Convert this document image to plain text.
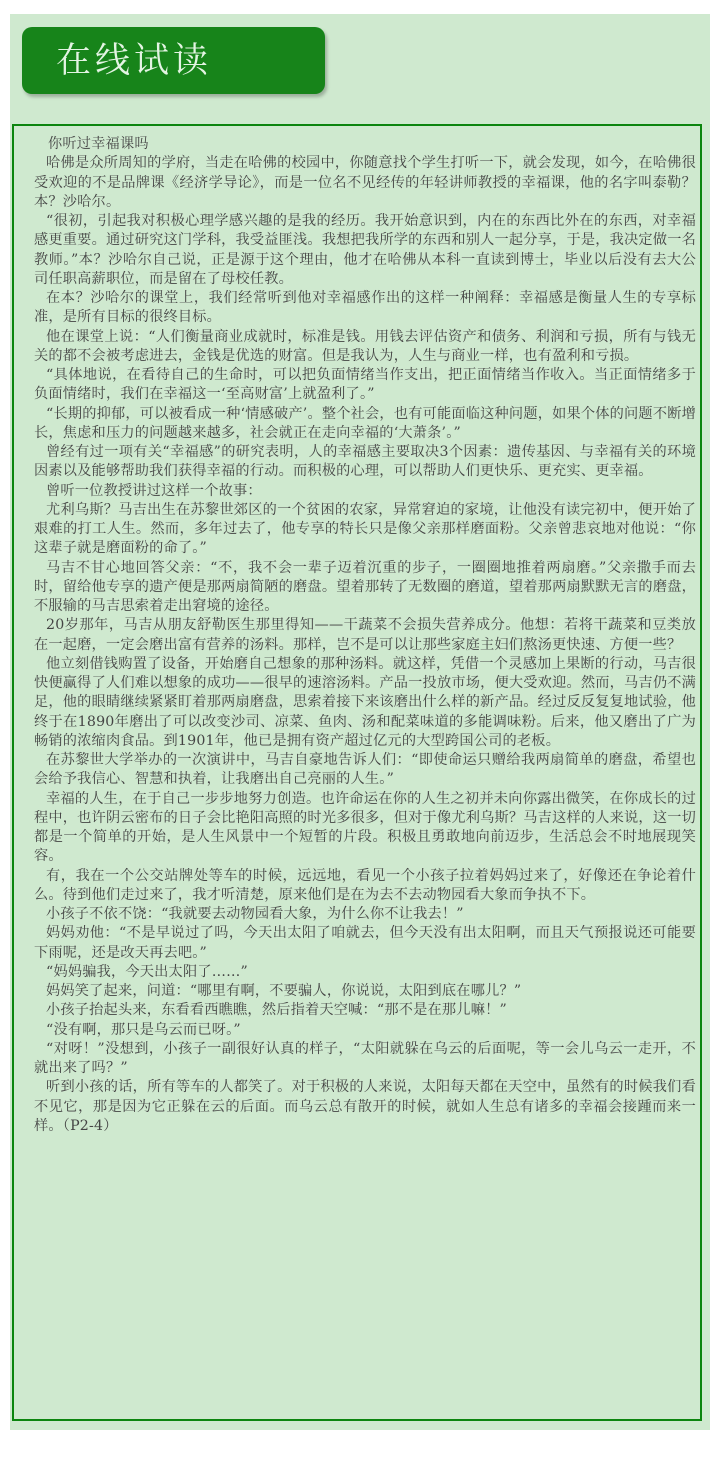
在线试读

你听过幸福课吗

哈佛是众所周知的学府，当走在哈佛的校园中，你随意找个学生打听一下，就会发现，如今，在哈佛很受欢迎的不是品牌课《经济学导论》，而是一位名不见经传的年轻讲师教授的幸福课，他的名字叫泰勒？本？沙哈尔。

“很初，引起我对积极心理学感兴趣的是我的经历。我开始意识到，内在的东西比外在的东西，对幸福感更重要。通过研究这门学科，我受益匪浅。我想把我所学的东西和别人一起分享，于是，我决定做一名教师。”本？沙哈尔自己说，正是源于这个理由，他才在哈佛从本科一直读到博士，毕业以后没有去大公司任职高薪职位，而是留在了母校任教。

在本？沙哈尔的课堂上，我们经常听到他对幸福感作出的这样一种阐释：幸福感是衡量人生的专享标准，是所有目标的很终目标。

他在课堂上说：“人们衡量商业成就时，标准是钱。用钱去评估资产和债务、利润和亏损，所有与钱无关的都不会被考虑进去，金钱是优选的财富。但是我认为，人生与商业一样，也有盈利和亏损。

“具体地说，在看待自己的生命时，可以把负面情绪当作支出，把正面情绪当作收入。当正面情绪多于负面情绪时，我们在幸福这一‘至高财富’上就盈利了。”

“长期的抑郁，可以被看成一种‘情感破产’。整个社会，也有可能面临这种问题，如果个体的问题不断增长，焦虑和压力的问题越来越多，社会就正在走向幸福的‘大萧条’。”

曾经有过一项有关“幸福感”的研究表明，人的幸福感主要取决3个因素：遗传基因、与幸福有关的环境因素以及能够帮助我们获得幸福的行动。而积极的心理，可以帮助人们更快乐、更充实、更幸福。

曾听一位教授讲过这样一个故事：

尤利乌斯？马吉出生在苏黎世郊区的一个贫困的农家，异常窘迫的家境，让他没有读完初中，便开始了艰难的打工人生。然而，多年过去了，他专享的特长只是像父亲那样磨面粉。父亲曾悲哀地对他说：“你这辈子就是磨面粉的命了。”

马吉不甘心地回答父亲：“不，我不会一辈子迈着沉重的步子，一圈圈地推着两扇磨。”父亲撒手而去时，留给他专享的遗产便是那两扇简陋的磨盘。望着那转了无数圈的磨道，望着那两扇默默无言的磨盘，不服输的马吉思索着走出窘境的途径。

20岁那年，马吉从朋友舒勒医生那里得知——干蔬菜不会损失营养成分。他想：若将干蔬菜和豆类放在一起磨，一定会磨出富有营养的汤料。那样，岂不是可以让那些家庭主妇们熬汤更快速、方便一些？

他立刻借钱购置了设备，开始磨自己想象的那种汤料。就这样，凭借一个灵感加上果断的行动，马吉很快便赢得了人们难以想象的成功——很早的速溶汤料。产品一投放市场，便大受欢迎。然而，马吉仍不满足，他的眼睛继续紧紧盯着那两扇磨盘，思索着接下来该磨出什么样的新产品。经过反反复复地试验，他终于在1890年磨出了可以改变沙司、凉菜、鱼肉、汤和配菜味道的多能调味粉。后来，他又磨出了广为畅销的浓缩肉食品。到1901年，他已是拥有资产超过亿元的大型跨国公司的老板。

在苏黎世大学举办的一次演讲中，马吉自豪地告诉人们：“即使命运只赠给我两扇简单的磨盘，希望也会给予我信心、智慧和执着，让我磨出自己亮丽的人生。”

幸福的人生，在于自己一步步地努力创造。也许命运在你的人生之初并未向你露出微笑，在你成长的过程中，也许阴云密布的日子会比艳阳高照的时光多很多，但对于像尤利乌斯？马吉这样的人来说，这一切都是一个简单的开始，是人生风景中一个短暂的片段。积极且勇敢地向前迈步，生活总会不时地展现笑容。

有，我在一个公交站牌处等车的时候，远远地，看见一个小孩子拉着妈妈过来了，好像还在争论着什么。待到他们走过来了，我才听清楚，原来他们是在为去不去动物园看大象而争执不下。

小孩子不依不饶：“我就要去动物园看大象，为什么你不让我去！”

妈妈劝他：“不是早说过了吗，今天出太阳了咱就去，但今天没有出太阳啊，而且天气预报说还可能要下雨呢，还是改天再去吧。”

“妈妈骗我，今天出太阳了……”

妈妈笑了起来，问道：“哪里有啊，不要骗人，你说说，太阳到底在哪儿？”

小孩子抬起头来，东看看西瞧瞧，然后指着天空喊：“那不是在那儿嘛！”

“没有啊，那只是乌云而已呀。”

“对呀！”没想到，小孩子一副很好认真的样子，“太阳就躲在乌云的后面呢，等一会儿乌云一走开，不就出来了吗？”

听到小孩的话，所有等车的人都笑了。对于积极的人来说，太阳每天都在天空中，虽然有的时候我们看不见它，那是因为它正躲在云的后面。而乌云总有散开的时候，就如人生总有诸多的幸福会接踵而来一样。（P2-4）
